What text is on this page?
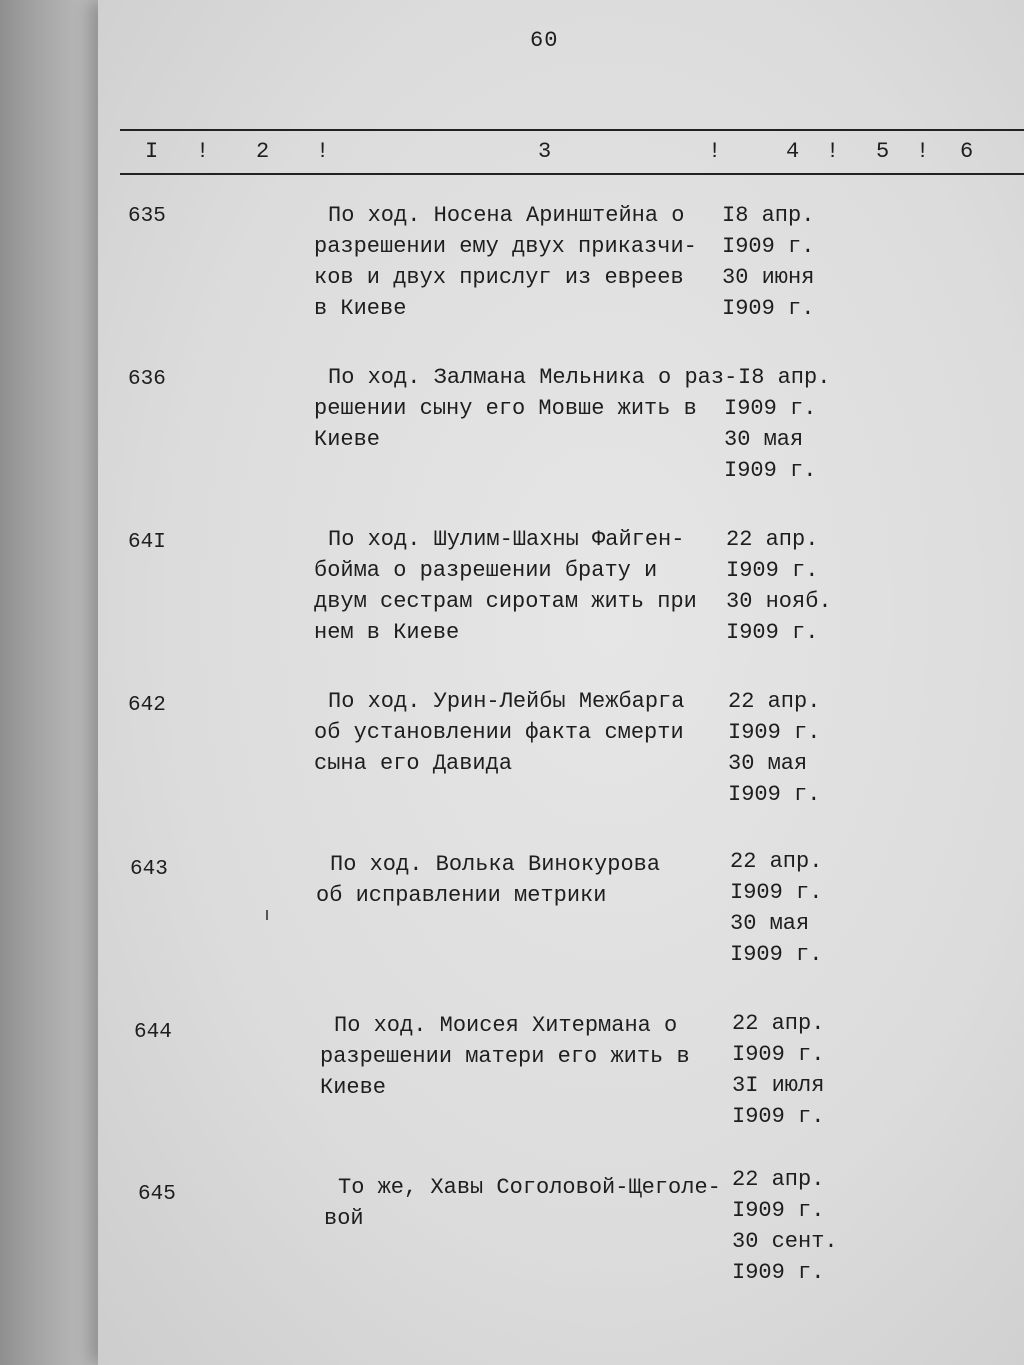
60
I ! 2 !	3	!	4 ! 5 ! 6
635	По ход. Носена Аринштейна о
разрешении ему двух приказчи-
ков и двух прислуг из евреев
в Киеве
I8 апр.
I909 г.
30 июня
I909 г.
636	По ход. Залмана Мельника о раз-
решении сыну его Мовше жить в
Киеве
I8 апр.
I909 г.
30 мая
I909 г.
64I	По ход. Шулим-Шахны Файген-
бойма о разрешении брату и
двум сестрам сиротам жить при
нем в Киеве
22 апр.
I909 г.
30 нояб.
I909 г.
642	По ход. Урин-Лейбы Межбарга
об установлении факта смерти
сына его Давида
22 апр.
I909 г.
30 мая
I909 г.
643	По ход. Волька Винокурова
об исправлении метрики
22 апр.
I909 г.
30 мая
I909 г.
644	По ход. Моисея Хитермана о
разрешении матери его жить в
Киеве
22 апр.
I909 г.
3I июля
I909 г.
645	То же, Хавы Соголовой-Щеголе-
вой
22 апр.
I909 г.
30 сент.
I909 г.
